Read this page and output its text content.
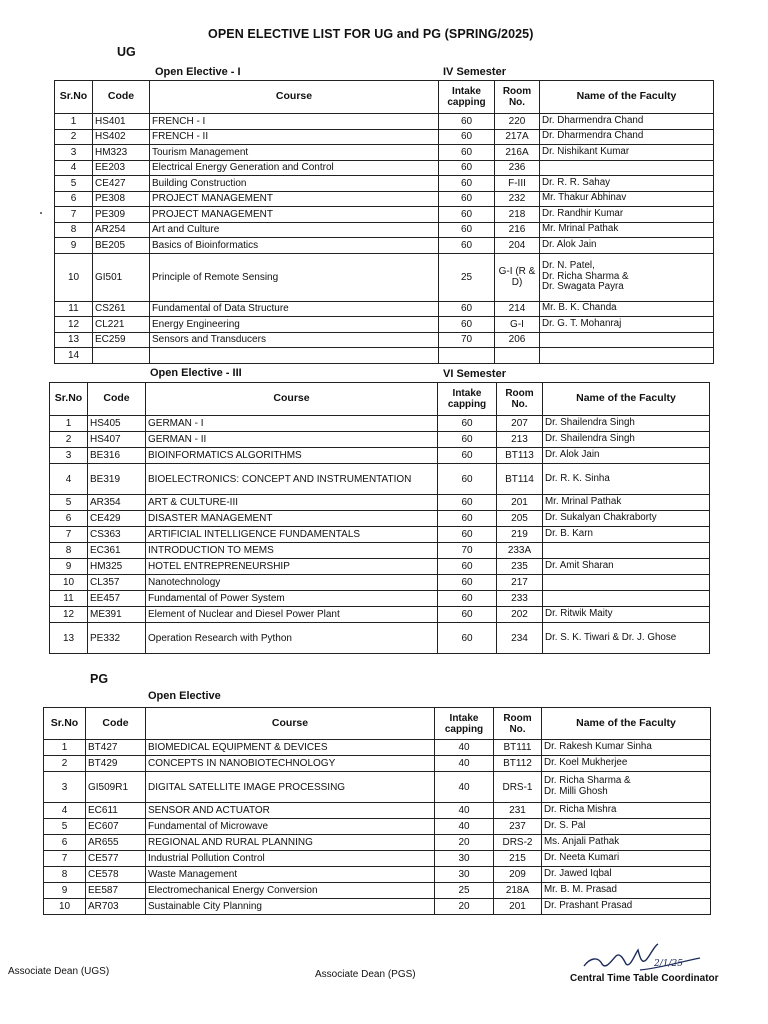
OPEN ELECTIVE LIST FOR UG and PG (SPRING/2025)
UG
Open Elective - I	IV Semester
Sr.No	Code	Course	Intake
capping	Room
No.	Name of the Faculty
1	HS401	FRENCH - I	60	220	Dr. Dharmendra Chand
2	HS402	FRENCH - II	60	217A	Dr. Dharmendra Chand
3	HM323	Tourism Management	60	216A	Dr. Nishikant Kumar
4	EE203	Electrical Energy Generation and Control	60	236	
5	CE427	Building Construction	60	F-III	Dr. R. R. Sahay
6	PE308	PROJECT MANAGEMENT	60	232	Mr. Thakur Abhinav
7	PE309	PROJECT MANAGEMENT	60	218	Dr. Randhir Kumar
8	AR254	Art and Culture	60	216	Mr. Mrinal Pathak
9	BE205	Basics of Bioinformatics	60	204	Dr. Alok Jain
10	GI501	Principle of Remote Sensing	25	G-I (R & D)	Dr. N. Patel,
Dr. Richa Sharma &
Dr. Swagata Payra
11	CS261	Fundamental of Data Structure	60	214	Mr. B. K. Chanda
12	CL221	Energy Engineering	60	G-I	Dr. G. T. Mohanraj
13	EC259	Sensors and Transducers	70	206	
14					
Open Elective - III	VI Semester
Sr.No	Code	Course	Intake
capping	Room
No.	Name of the Faculty
1	HS405	GERMAN - I	60	207	Dr. Shailendra Singh
2	HS407	GERMAN - II	60	213	Dr. Shailendra Singh
3	BE316	BIOINFORMATICS ALGORITHMS	60	BT113	Dr. Alok Jain
4	BE319	BIOELECTRONICS: CONCEPT AND INSTRUMENTATION	60	BT114	Dr. R. K. Sinha
5	AR354	ART & CULTURE-III	60	201	Mr. Mrinal Pathak
6	CE429	DISASTER MANAGEMENT	60	205	Dr. Sukalyan Chakraborty
7	CS363	ARTIFICIAL INTELLIGENCE FUNDAMENTALS	60	219	Dr. B. Karn
8	EC361	INTRODUCTION TO MEMS	70	233A	
9	HM325	HOTEL ENTREPRENEURSHIP	60	235	Dr. Amit Sharan
10	CL357	Nanotechnology	60	217	
11	EE457	Fundamental of Power System	60	233	
12	ME391	Element of Nuclear and Diesel Power Plant	60	202	Dr. Ritwik Maity
13	PE332	Operation Research with Python	60	234	Dr. S. K. Tiwari & Dr. J. Ghose
PG
Open Elective
Sr.No	Code	Course	Intake
capping	Room
No.	Name of the Faculty
1	BT427	BIOMEDICAL EQUIPMENT & DEVICES	40	BT111	Dr. Rakesh Kumar Sinha
2	BT429	CONCEPTS IN NANOBIOTECHNOLOGY	40	BT112	Dr. Koel Mukherjee
3	GI509R1	DIGITAL SATELLITE IMAGE PROCESSING	40	DRS-1	Dr. Richa Sharma &
Dr. Milli Ghosh
4	EC611	SENSOR AND ACTUATOR	40	231	Dr. Richa Mishra
5	EC607	Fundamental of Microwave	40	237	Dr. S. Pal
6	AR655	REGIONAL AND RURAL PLANNING	20	DRS-2	Ms. Anjali Pathak
7	CE577	Industrial Pollution Control	30	215	Dr. Neeta Kumari
8	CE578	Waste Management	30	209	Dr. Jawed Iqbal
9	EE587	Electromechanical Energy Conversion	25	218A	Mr. B. M. Prasad
10	AR703	Sustainable City Planning	20	201	Dr. Prashant Prasad
Associate Dean (UGS)	Associate Dean (PGS)
2/1/25
Central Time Table Coordinator
